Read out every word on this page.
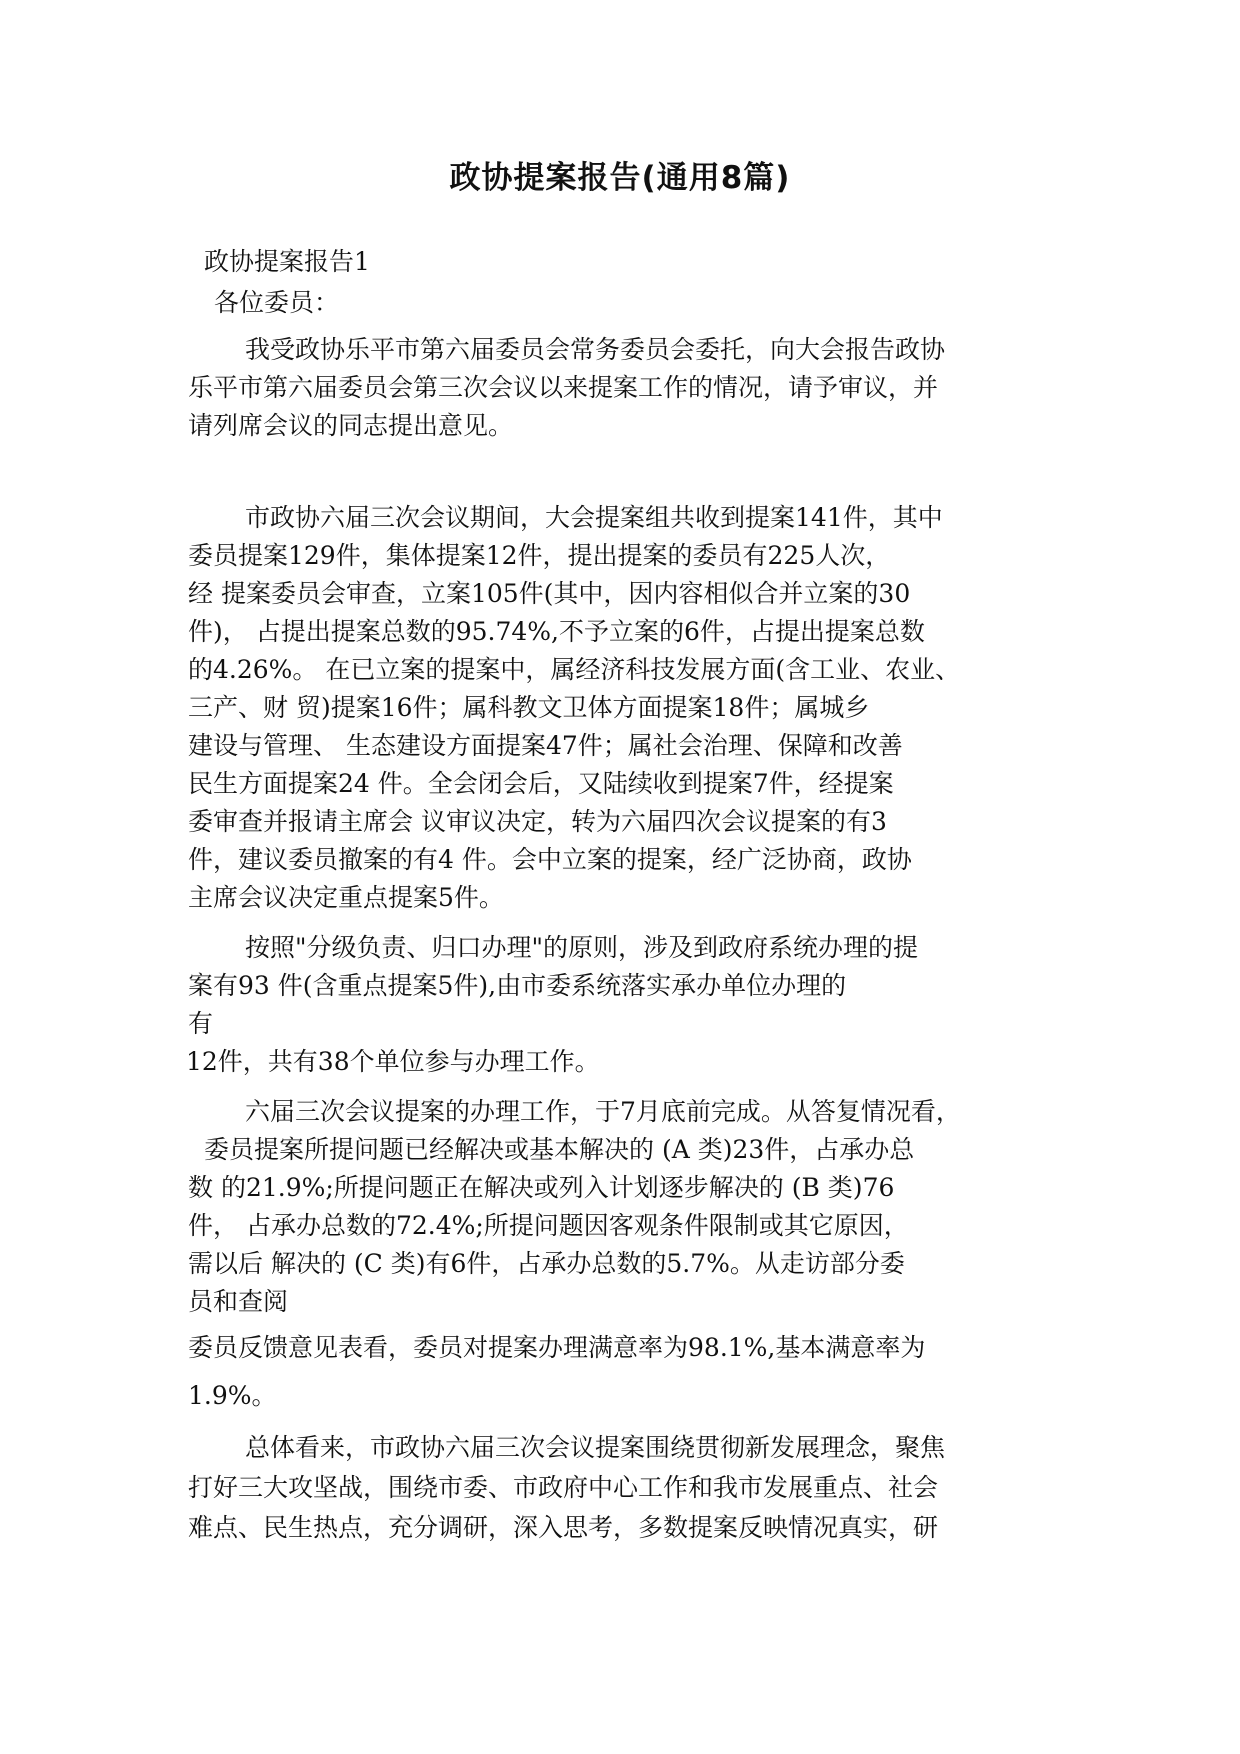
政协提案报告(通用8篇)

政协提案报告1

各位委员：

我受政协乐平市第六届委员会常务委员会委托，向大会报告政协

乐平市第六届委员会第三次会议以来提案工作的情况，请予审议，并

请列席会议的同志提出意见。

市政协六届三次会议期间，大会提案组共收到提案141件，其中

委员提案129件，集体提案12件，提出提案的委员有225人次，

经 提案委员会审查，立案105件(其中，因内容相似合并立案的30

件)， 占提出提案总数的95.74%,不予立案的6件，占提出提案总数

的4.26%。 在已立案的提案中，属经济科技发展方面(含工业、农业、

三产、财 贸)提案16件；属科教文卫体方面提案18件；属城乡

建设与管理、 生态建设方面提案47件；属社会治理、保障和改善

民生方面提案24 件。全会闭会后，又陆续收到提案7件，经提案

委审查并报请主席会 议审议决定，转为六届四次会议提案的有3

件，建议委员撤案的有4 件。会中立案的提案，经广泛协商，政协

主席会议决定重点提案5件。

按照"分级负责、归口办理"的原则，涉及到政府系统办理的提

案有93 件(含重点提案5件),由市委系统落实承办单位办理的

有

12件，共有38个单位参与办理工作。

六届三次会议提案的办理工作，于7月底前完成。从答复情况看，

委员提案所提问题已经解决或基本解决的 (A 类)23件，占承办总

数 的21.9%;所提问题正在解决或列入计划逐步解决的 (B 类)76

件， 占承办总数的72.4%;所提问题因客观条件限制或其它原因，

需以后 解决的 (C 类)有6件，占承办总数的5.7%。从走访部分委

员和查阅

委员反馈意见表看，委员对提案办理满意率为98.1%,基本满意率为

1.9%。

总体看来，市政协六届三次会议提案围绕贯彻新发展理念，聚焦

打好三大攻坚战，围绕市委、市政府中心工作和我市发展重点、社会

难点、民生热点，充分调研，深入思考，多数提案反映情况真实，研
